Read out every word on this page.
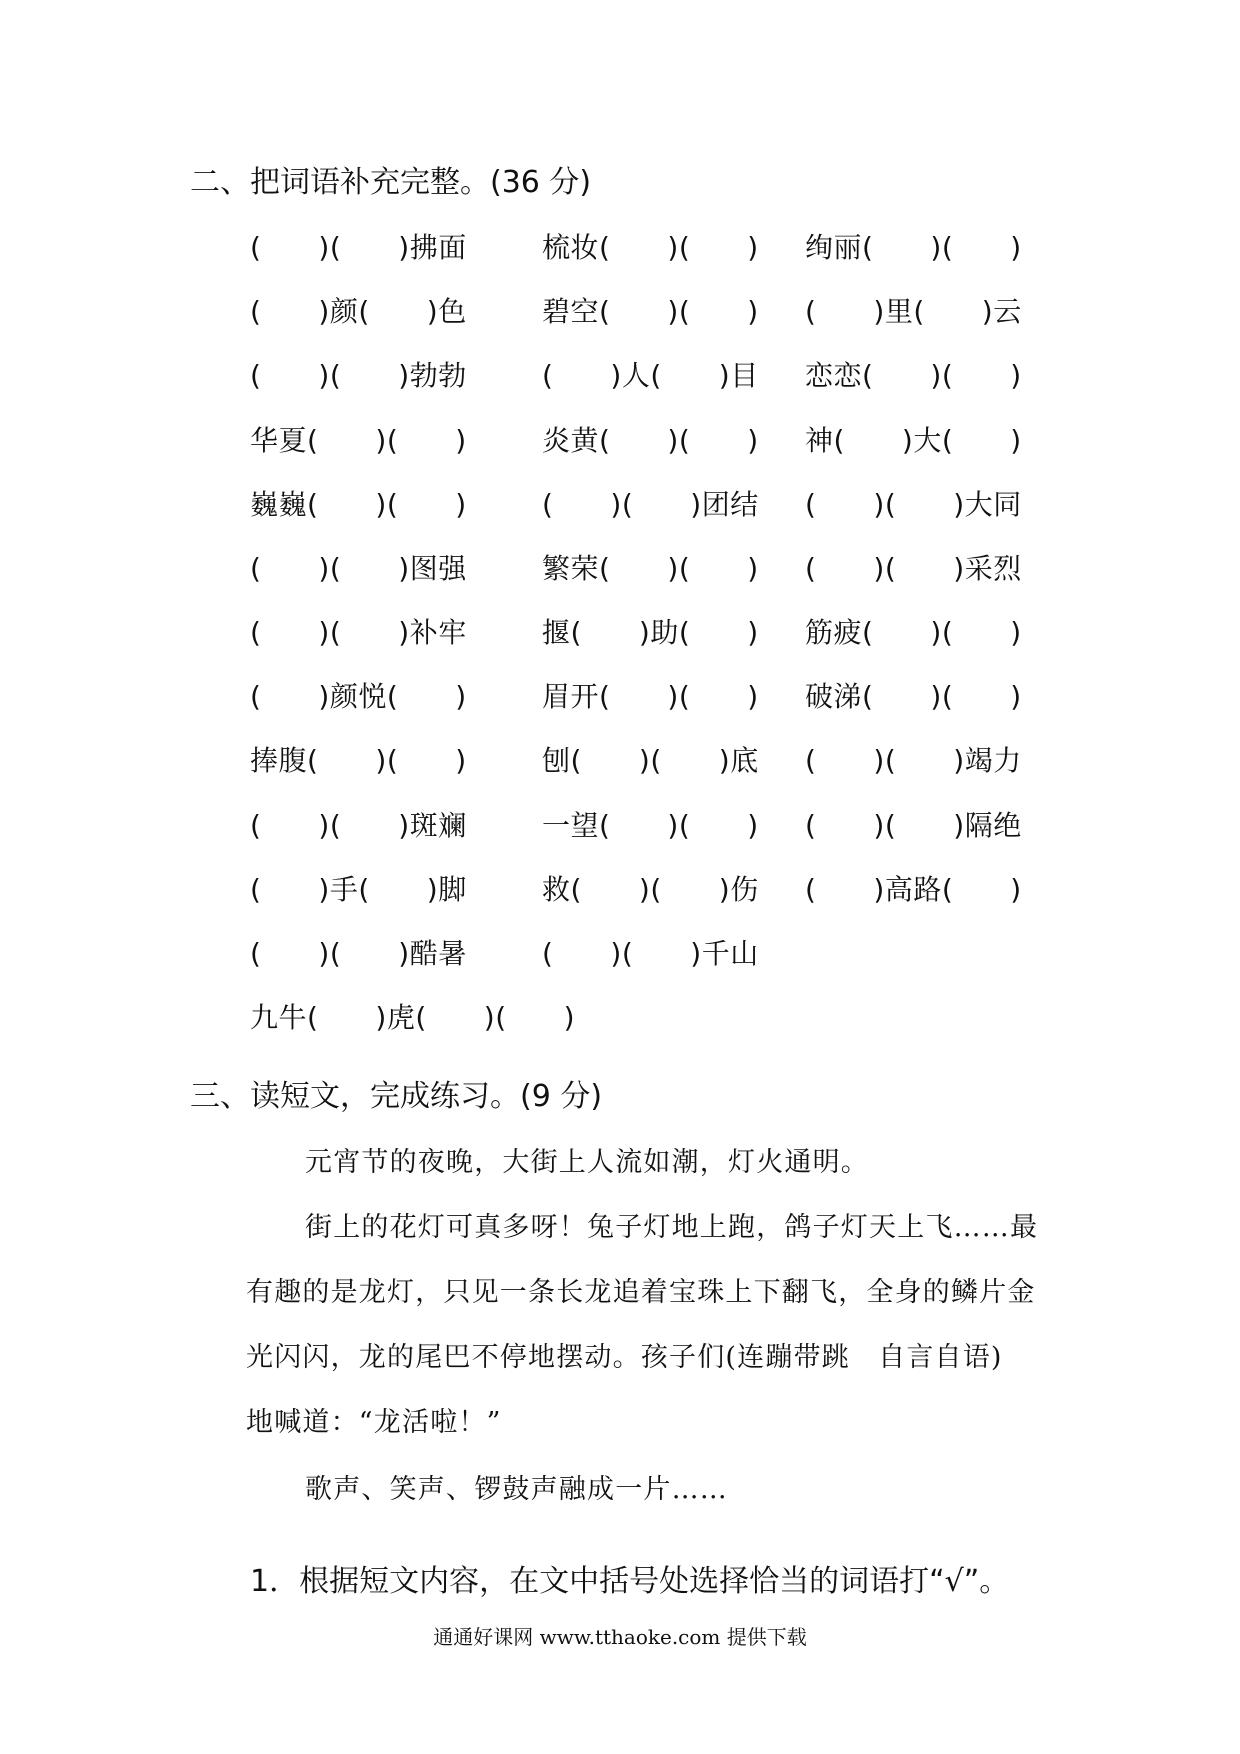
二、把词语补充完整。(36 分)
(　　)(　　)拂面	梳妆(　　)(　　) 绚丽(　　)(　　)
(　　)颜(　　)色	碧空(　　)(　　) (　　)里(　　)云
(　　)(　　)勃勃	(　　)人(　　)目 恋恋(　　)(　　)
华夏(　　)(　　)	炎黄(　　)(　　) 神(　　)大(　　)
巍巍(　　)(　　)	(　　)(　　)团结 (　　)(　　)大同
(　　)(　　)图强	繁荣(　　)(　　) (　　)(　　)采烈
(　　)(　　)补牢	揠(　　)助(　　) 筋疲(　　)(　　)
(　　)颜悦(　　)	眉开(　　)(　　) 破涕(　　)(　　)
捧腹(　　)(　　)	刨(　　)(　　)底 (　　)(　　)竭力
(　　)(　　)斑斓	一望(　　)(　　) (　　)(　　)隔绝
(　　)手(　　)脚	救(　　)(　　)伤 (　　)高路(　　)
(　　)(　　)酷暑	(　　)(　　)千山
九牛(　　)虎(　　)(　　)
三、读短文，完成练习。(9 分)
元宵节的夜晚，大街上人流如潮，灯火通明。
街上的花灯可真多呀！兔子灯地上跑，鸽子灯天上飞……最
有趣的是龙灯，只见一条长龙追着宝珠上下翻飞，全身的鳞片金
光闪闪，龙的尾巴不停地摆动。孩子们(连蹦带跳　自言自语)
地喊道：“龙活啦！”
歌声、笑声、锣鼓声融成一片……
1．根据短文内容，在文中括号处选择恰当的词语打“√”。
通通好课网 www.tthaoke.com 提供下载
